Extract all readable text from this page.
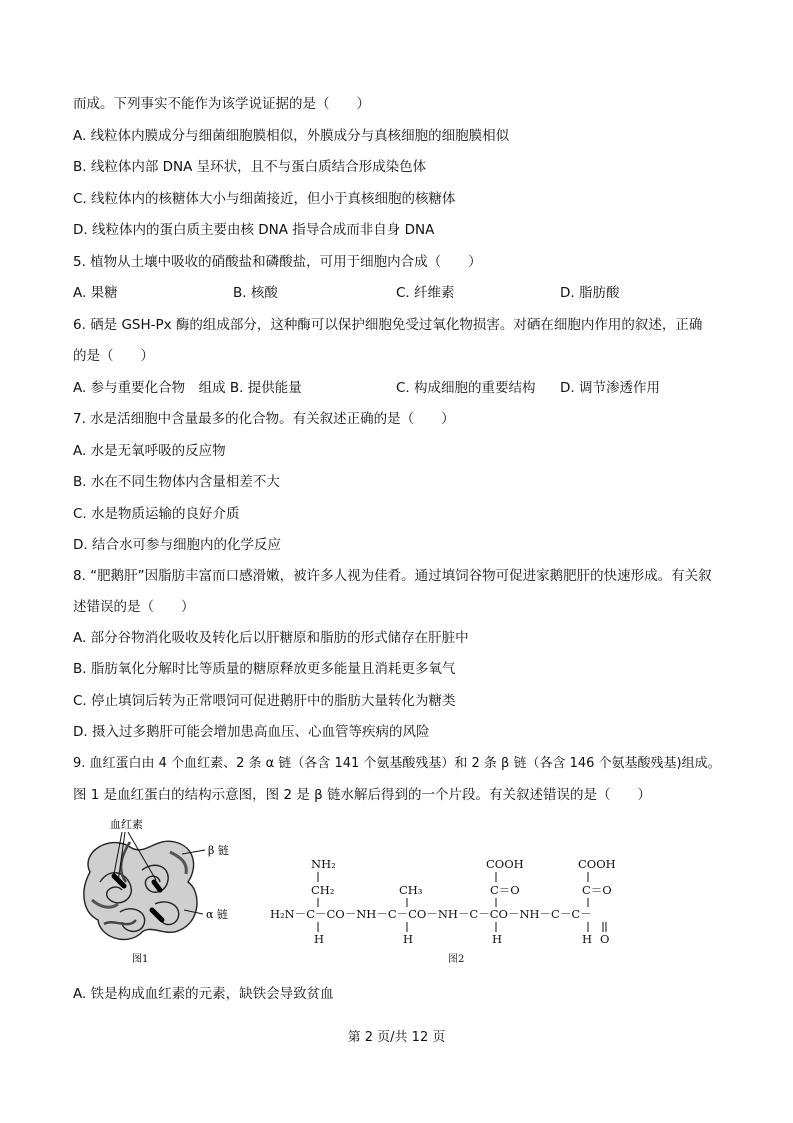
而成。下列事实不能作为该学说证据的是（　　）
A. 线粒体内膜成分与细菌细胞膜相似，外膜成分与真核细胞的细胞膜相似
B. 线粒体内部 DNA 呈环状，且不与蛋白质结合形成染色体
C. 线粒体内的核糖体大小与细菌接近，但小于真核细胞的核糖体
D. 线粒体内的蛋白质主要由核 DNA 指导合成而非自身 DNA
5. 植物从土壤中吸收的硝酸盐和磷酸盐，可用于细胞内合成（　　）
A. 果糖	B. 核酸	C. 纤维素	D. 脂肪酸
6. 硒是 GSH-Px 酶的组成部分，这种酶可以保护细胞免受过氧化物损害。对硒在细胞内作用的叙述，正确
的是（　　）
A. 参与重要化合物　组成 B. 提供能量	C. 构成细胞的重要结构 D. 调节渗透作用
7. 水是活细胞中含量最多的化合物。有关叙述正确的是（　　）
A. 水是无氧呼吸的反应物
B. 水在不同生物体内含量相差不大
C. 水是物质运输的良好介质
D. 结合水可参与细胞内的化学反应
8. “肥鹅肝”因脂肪丰富而口感滑嫩，被许多人视为佳肴。通过填饲谷物可促进家鹅肥肝的快速形成。有关叙
述错误的是（　　）
A. 部分谷物消化吸收及转化后以肝糖原和脂肪的形式储存在肝脏中
B. 脂肪氧化分解时比等质量的糖原释放更多能量且消耗更多氧气
C. 停止填饲后转为正常喂饲可促进鹅肝中的脂肪大量转化为糖类
D. 摄入过多鹅肝可能会增加患高血压、心血管等疾病的风险
9. 血红蛋白由 4 个血红素、2 条 α 链（各含 141 个氨基酸残基）和 2 条 β 链（各含 146 个氨基酸残基)组成。
图 1 是血红蛋白的结构示意图，图 2 是 β 链水解后得到的一个片段。有关叙述错误的是（　　）
血红素
β 链
α 链
图1
NH₂
CH₂	CH₃
COOH
C＝O
COOH
C＝O
H₂N－C－CO－NH－C－CO－NH－C－CO－NH－C－C－
H	H	H	H O
图2
A. 铁是构成血红素的元素，缺铁会导致贫血
第 2 页/共 12 页
